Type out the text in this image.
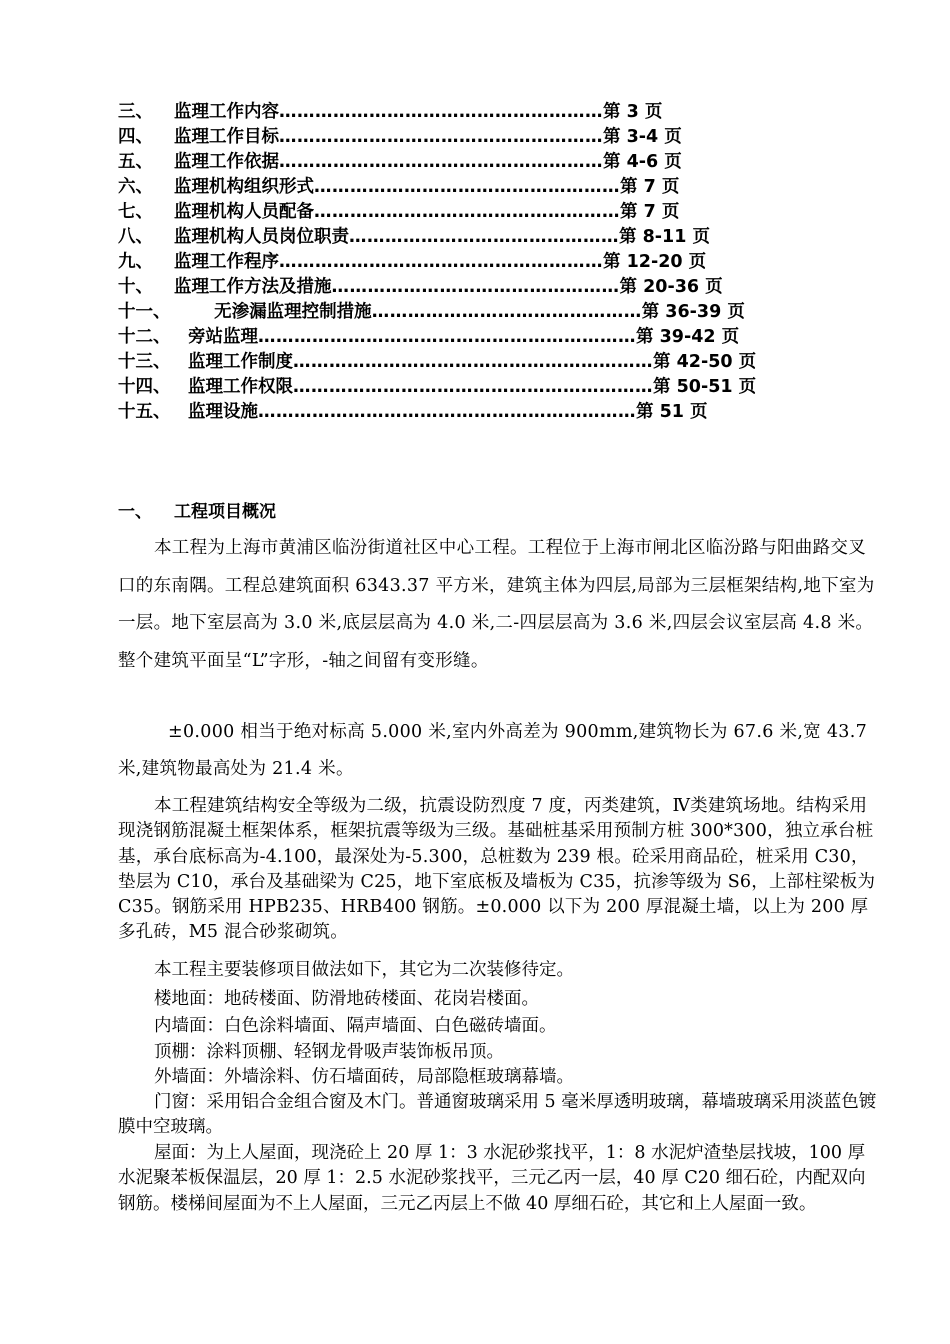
三、	监理工作内容 ……………………………………………… 第 3 页
四、	监理工作目标 ……………………………………………… 第 3-4 页
五、	监理工作依据 ……………………………………………… 第 4-6 页
六、	监理机构组织形式 …………………………………………… 第 7 页
七、	监理机构人员配备 …………………………………………… 第 7 页
八、	监理机构人员岗位职责 ……………………………………… 第 8-11 页
九、	监理工作程序 ……………………………………………… 第 12-20 页
十、	监理工作方法及措施 ………………………………………… 第 20-36 页
十一、	无渗漏监理控制措施 ……………………………………… 第 36-39 页
十二、	旁站监理 ……………………………………………………… 第 39-42 页
十三、	监理工作制度 …………………………………………………… 第 42-50 页
十四、	监理工作权限 …………………………………………………… 第 50-51 页
十五、	监理设施 ……………………………………………………… 第 51 页
一、 工程项目概况
本工程为上海市黄浦区临汾街道社区中心工程。工程位于上海市闸北区临汾路与阳曲路交叉口的东南隅。工程总建筑面积 6343.37 平方米，建筑主体为四层,局部为三层框架结构,地下室为一层。地下室层高为 3.0 米,底层层高为 4.0 米,二-四层层高为 3.6 米,四层会议室层高 4.8 米。整个建筑平面呈“L”字形，-轴之间留有变形缝。
±0.000 相当于绝对标高 5.000 米,室内外高差为 900mm,建筑物长为 67.6 米,宽 43.7 米,建筑物最高处为 21.4 米。
本工程建筑结构安全等级为二级，抗震设防烈度 7 度，丙类建筑，Ⅳ类建筑场地。结构采用现浇钢筋混凝土框架体系，框架抗震等级为三级。基础桩基采用预制方桩 300*300，独立承台桩基，承台底标高为-4.100，最深处为-5.300，总桩数为 239 根。砼采用商品砼，桩采用 C30，垫层为 C10，承台及基础梁为 C25，地下室底板及墙板为 C35，抗渗等级为 S6，上部柱梁板为 C35。钢筋采用 HPB235、HRB400 钢筋。±0.000 以下为 200 厚混凝土墙，以上为 200 厚多孔砖，M5 混合砂浆砌筑。
本工程主要装修项目做法如下，其它为二次装修待定。
楼地面：地砖楼面、防滑地砖楼面、花岗岩楼面。
内墙面：白色涂料墙面、隔声墙面、白色磁砖墙面。
顶棚：涂料顶棚、轻钢龙骨吸声装饰板吊顶。
外墙面：外墙涂料、仿石墙面砖，局部隐框玻璃幕墙。
门窗：采用铝合金组合窗及木门。普通窗玻璃采用 5 毫米厚透明玻璃，幕墙玻璃采用淡蓝色镀膜中空玻璃。
屋面：为上人屋面，现浇砼上 20 厚 1：3 水泥砂浆找平，1：8 水泥炉渣垫层找坡，100 厚水泥聚苯板保温层，20 厚 1：2.5 水泥砂浆找平，三元乙丙一层，40 厚 C20 细石砼，内配双向钢筋。楼梯间屋面为不上人屋面，三元乙丙层上不做 40 厚细石砼，其它和上人屋面一致。
